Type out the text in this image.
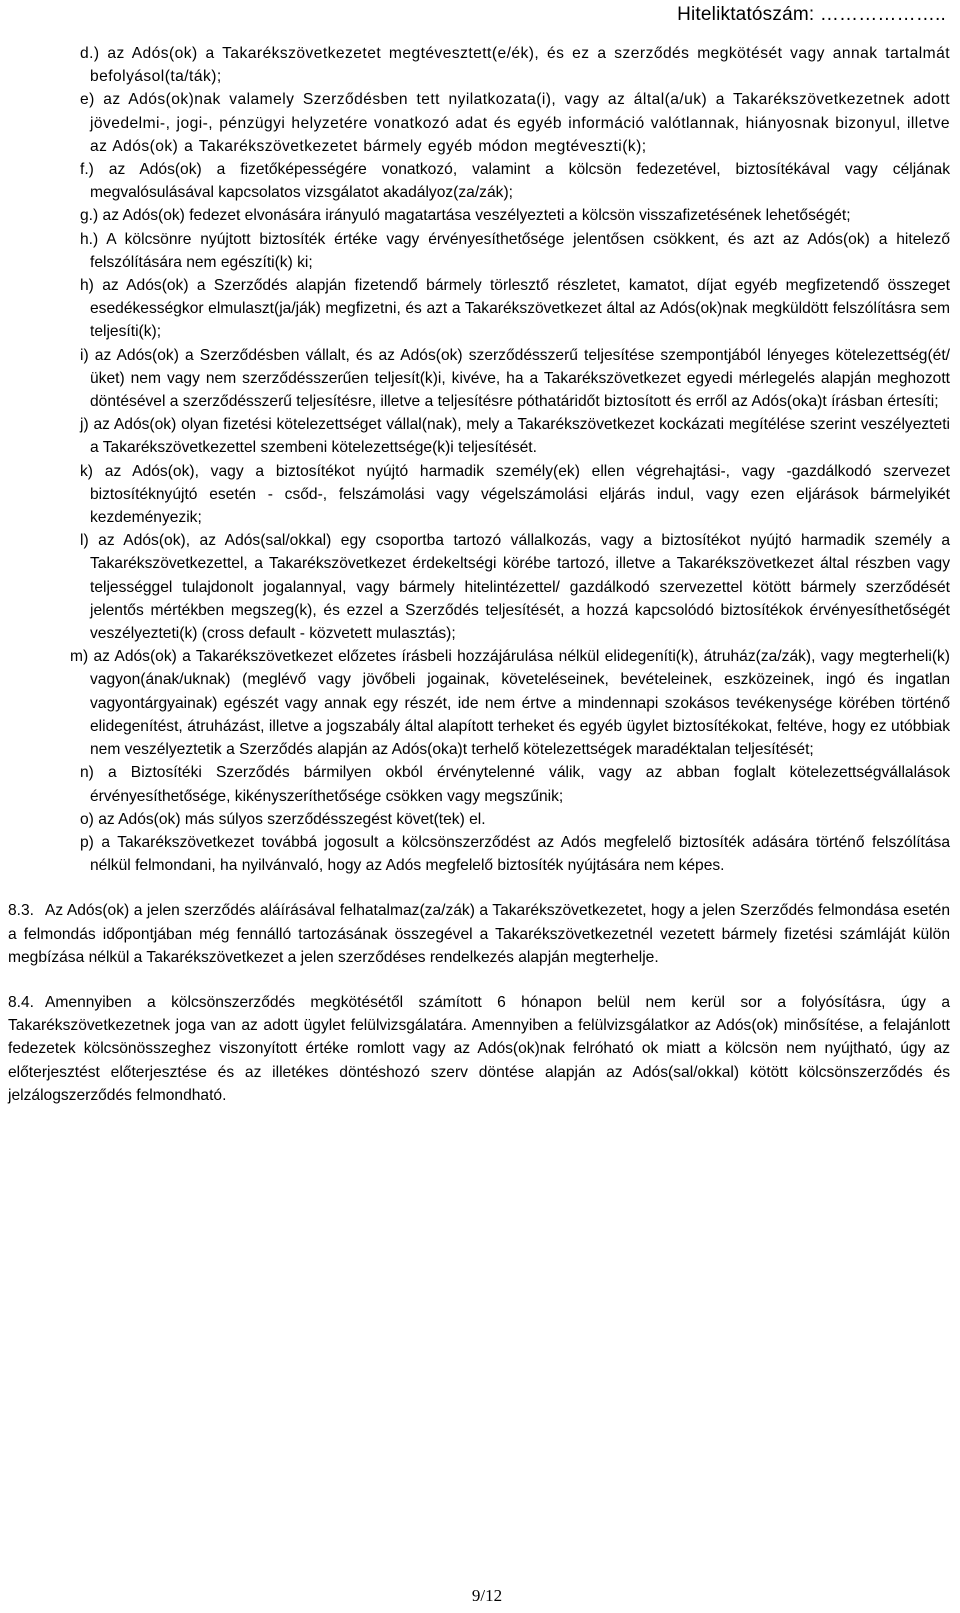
Hiteliktatószám: ………………..

d.) az Adós(ok) a Takarékszövetkezetet megtévesztett(e/ék), és ez a szerződés megkötését vagy annak tartalmát befolyásol(ta/ták);

e) az Adós(ok)nak valamely Szerződésben tett nyilatkozata(i), vagy az által(a/uk) a Takarékszövetkezetnek adott jövedelmi-, jogi-, pénzügyi helyzetére vonatkozó adat és egyéb információ valótlannak, hiányosnak bizonyul, illetve az Adós(ok) a Takarékszövetkezetet bármely egyéb módon megtéveszti(k);

f.) az Adós(ok) a fizetőképességére vonatkozó, valamint a kölcsön fedezetével, biztosítékával vagy céljának megvalósulásával kapcsolatos vizsgálatot akadályoz(za/zák);

g.) az Adós(ok) fedezet elvonására irányuló magatartása veszélyezteti a kölcsön visszafizetésének lehetőségét;

h.) A kölcsönre nyújtott biztosíték értéke vagy érvényesíthetősége jelentősen csökkent, és azt az Adós(ok) a hitelező felszólítására nem egészíti(k) ki;

h) az Adós(ok) a Szerződés alapján fizetendő bármely törlesztő részletet, kamatot, díjat egyéb megfizetendő összeget esedékességkor elmulaszt(ja/ják) megfizetni, és azt a Takarékszövetkezet által az Adós(ok)nak megküldött felszólításra sem teljesíti(k);

i) az Adós(ok) a Szerződésben vállalt, és az Adós(ok) szerződésszerű teljesítése szempontjából lényeges kötelezettség(ét/üket) nem vagy nem szerződésszerűen teljesít(k)i, kivéve, ha a Takarékszövetkezet egyedi mérlegelés alapján meghozott döntésével a szerződésszerű teljesítésre, illetve a teljesítésre póthatáridőt biztosított és erről az Adós(oka)t írásban értesíti;

j) az Adós(ok) olyan fizetési kötelezettséget vállal(nak), mely a Takarékszövetkezet kockázati megítélése szerint veszélyezteti a Takarékszövetkezettel szembeni kötelezettsége(k)i teljesítését.

k) az Adós(ok), vagy a biztosítékot nyújtó harmadik személy(ek) ellen végrehajtási-, vagy -gazdálkodó szervezet biztosítéknyújtó esetén - csőd-, felszámolási vagy végelszámolási eljárás indul, vagy ezen eljárások bármelyikét kezdeményezik;

l) az Adós(ok), az Adós(sal/okkal) egy csoportba tartozó vállalkozás, vagy a biztosítékot nyújtó harmadik személy a Takarékszövetkezettel, a Takarékszövetkezet érdekeltségi körébe tartozó, illetve a Takarékszövetkezet által részben vagy teljességgel tulajdonolt jogalannyal, vagy bármely hitelintézettel/ gazdálkodó szervezettel kötött bármely szerződését jelentős mértékben megszeg(k), és ezzel a Szerződés teljesítését, a hozzá kapcsolódó biztosítékok érvényesíthetőségét veszélyezteti(k) (cross default - közvetett mulasztás);

m) az Adós(ok) a Takarékszövetkezet előzetes írásbeli hozzájárulása nélkül elidegeníti(k), átruház(za/zák), vagy megterheli(k) vagyon(ának/uknak) (meglévő vagy jövőbeli jogainak, követeléseinek, bevételeinek, eszközeinek, ingó és ingatlan vagyontárgyainak) egészét vagy annak egy részét, ide nem értve a mindennapi szokásos tevékenysége körében történő elidegenítést, átruházást, illetve a jogszabály által alapított terheket és egyéb ügylet biztosítékokat, feltéve, hogy ez utóbbiak nem veszélyeztetik a Szerződés alapján az Adós(oka)t terhelő kötelezettségek maradéktalan teljesítését;

n) a Biztosítéki Szerződés bármilyen okból érvénytelenné válik, vagy az abban foglalt kötelezettségvállalások érvényesíthetősége, kikényszeríthetősége csökken vagy megszűnik;

o) az Adós(ok) más súlyos szerződésszegést követ(tek) el.

p) a Takarékszövetkezet továbbá jogosult a kölcsönszerződést az Adós megfelelő biztosíték adására történő felszólítása nélkül felmondani, ha nyilvánvaló, hogy az Adós megfelelő biztosíték nyújtására nem képes.

8.3. Az Adós(ok) a jelen szerződés aláírásával felhatalmaz(za/zák) a Takarékszövetkezetet, hogy a jelen Szerződés felmondása esetén a felmondás időpontjában még fennálló tartozásának összegével a Takarékszövetkezetnél vezetett bármely fizetési számláját külön megbízása nélkül a Takarékszövetkezet a jelen szerződéses rendelkezés alapján megterhelje.

8.4. Amennyiben a kölcsönszerződés megkötésétől számított 6 hónapon belül nem kerül sor a folyósításra, úgy a Takarékszövetkezetnek joga van az adott ügylet felülvizsgálatára. Amennyiben a felülvizsgálatkor az Adós(ok) minősítése, a felajánlott fedezetek kölcsönösszeghez viszonyított értéke romlott vagy az Adós(ok)nak felróható ok miatt a kölcsön nem nyújtható, úgy az előterjesztést előterjesztése és az illetékes döntéshozó szerv döntése alapján az Adós(sal/okkal) kötött kölcsönszerződés és jelzálogszerződés felmondható.

9/12
